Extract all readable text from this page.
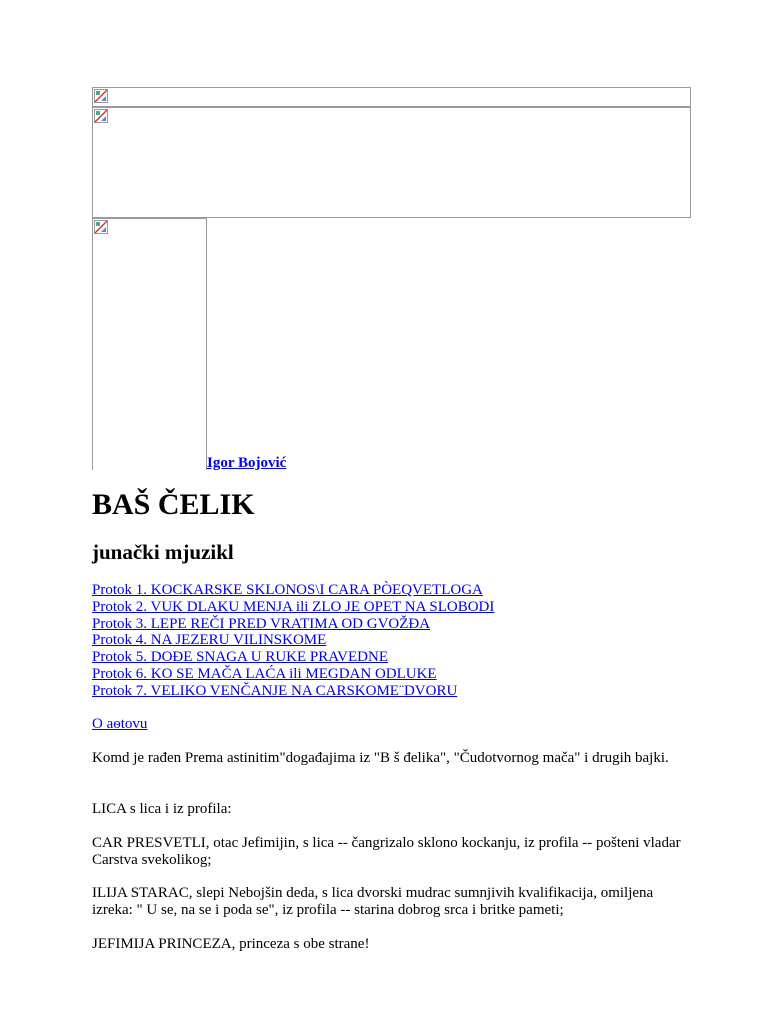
Igor Bojović
BAŠ ČELIK
junački mjuzikl
Protok 1. KOCKARSKE SKLONOS\I CARA PÒEQVETLOGA
Protok 2. VUK DLAKU MENJA ili ZLO JE OPET NA SLOBODI
Protok 3. LEPE REČI PRED VRATIMA OD GVOŽĐA
Protok 4. NA JEZERU VILINSKOME
Protok 5. DOĐE SNAGA U RUKE PRAVEDNE
Protok 6. KO SE MAČA LAĆA ili MEGDAN ODLUKE
Protok 7. VELIKO VENČANJE NA CARSKOME¨DVORU
O aѳtovu

Komd je rađen Prema astinitim"događajima iz "B š đelika", "Čudotvornog mača" i drugih bajki.

LICA s lica i iz profila:

CAR PRESVETLI, otac Jefimijin, s lica -- čangrizalo sklono kockanju, iz profila -- pošteni vladar Carstva svekolikog;

ILIJA STARAC, slepi Nebojšin deda, s lica dvorski mudrac sumnjivih kvalifikacija, omiljena izreka: " U se, na se i poda se", iz profila -- starina dobrog srca i britke pameti;

JEFIMIJA PRINCEZA, princeza s obe strane!
